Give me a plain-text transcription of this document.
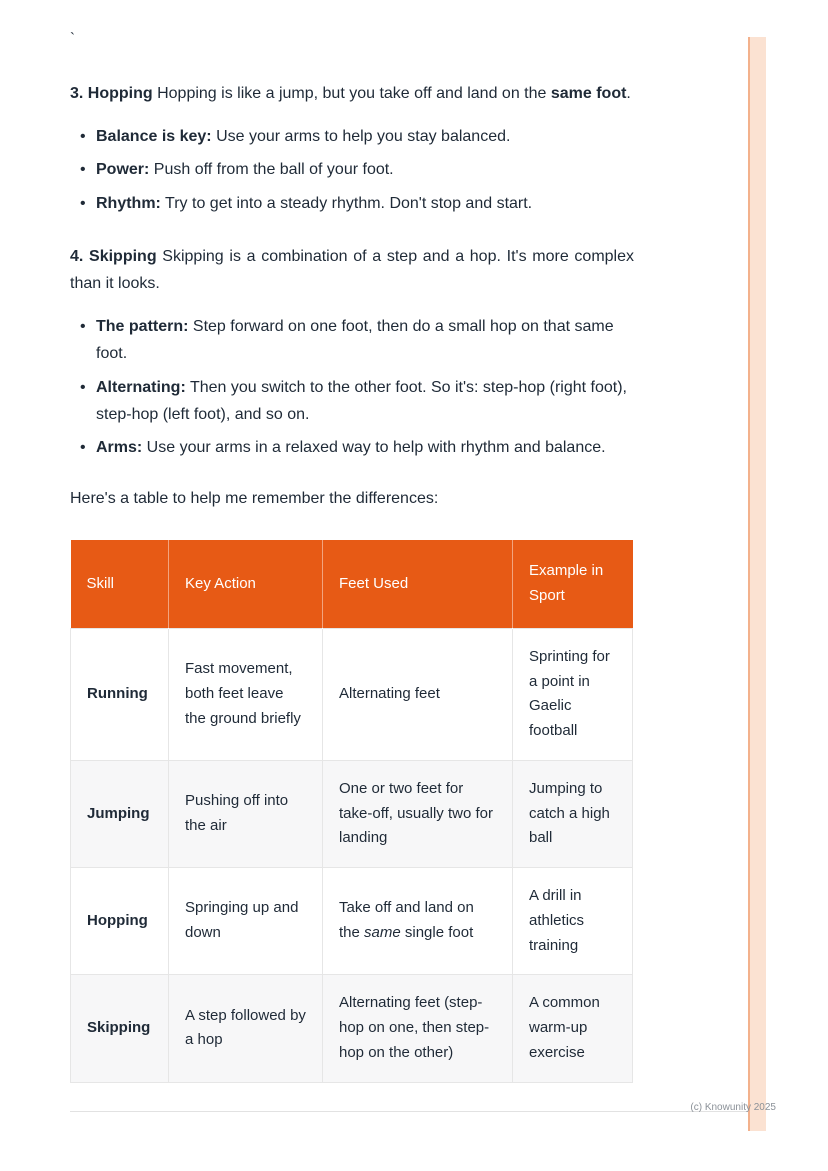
`

3. Hopping Hopping is like a jump, but you take off and land on the same foot.

• Balance is key: Use your arms to help you stay balanced.
• Power: Push off from the ball of your foot.
• Rhythm: Try to get into a steady rhythm. Don't stop and start.

4. Skipping Skipping is a combination of a step and a hop. It's more complex than it looks.

• The pattern: Step forward on one foot, then do a small hop on that same foot.
• Alternating: Then you switch to the other foot. So it's: step-hop (right foot), step-hop (left foot), and so on.
• Arms: Use your arms in a relaxed way to help with rhythm and balance.

Here's a table to help me remember the differences:

Skill	Key Action	Feet Used	Example in Sport
Running	Fast movement, both feet leave the ground briefly	Alternating feet	Sprinting for a point in Gaelic football
Jumping	Pushing off into the air	One or two feet for take-off, usually two for landing	Jumping to catch a high ball
Hopping	Springing up and down	Take off and land on the same single foot	A drill in athletics training
Skipping	A step followed by a hop	Alternating feet (step-hop on one, then step-hop on the other)	A common warm-up exercise
(c) Knowunity 2025
